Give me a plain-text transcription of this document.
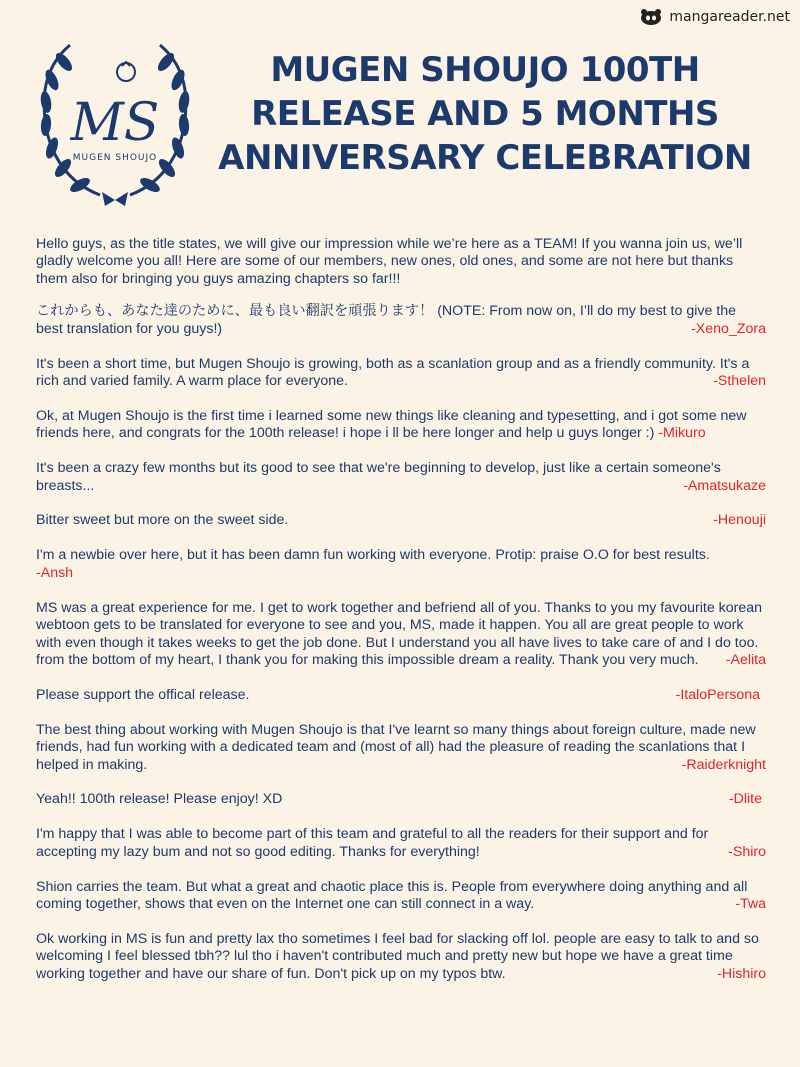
mangareader.net
MS
MUGEN SHOUJO
MUGEN SHOUJO 100TH
RELEASE AND 5 MONTHS
ANNIVERSARY CELEBRATION

Hello guys, as the title states, we will give our impression while we’re here as a TEAM! If you wanna join us, we’ll gladly welcome you all! Here are some of our members, new ones, old ones, and some are not here but thanks them also for bringing you guys amazing chapters so far!!!

これからも、あなた達のために、最も良い翻訳を頑張ります！ (NOTE: From now on, I’ll do my best to give the best translation for you guys!)	-Xeno_Zora

It's been a short time, but Mugen Shoujo is growing, both as a scanlation group and as a friendly community. It's a rich and varied family. A warm place for everyone.	-Sthelen

Ok, at Mugen Shoujo is the first time i learned some new things like cleaning and typesetting, and i got some new friends here, and congrats for the 100th release! i hope i ll be here longer and help u guys longer :) -Mikuro

It's been a crazy few months but its good to see that we're beginning to develop, just like a certain someone's breasts...	-Amatsukaze

Bitter sweet but more on the sweet side.	-Henouji

I'm a newbie over here, but it has been damn fun working with everyone. Protip: praise O.O for best results.
-Ansh

MS was a great experience for me. I get to work together and befriend all of you. Thanks to you my favourite korean webtoon gets to be translated for everyone to see and you, MS, made it happen. You all are great people to work with even though it takes weeks to get the job done. But I understand you all have lives to take care of and I do too. from the bottom of my heart, I thank you for making this impossible dream a reality. Thank you very much. -Aelita

Please support the offical release.	-ItaloPersona

The best thing about working with Mugen Shoujo is that I've learnt so many things about foreign culture, made new friends, had fun working with a dedicated team and (most of all) had the pleasure of reading the scanlations that I helped in making.	-Raiderknight

Yeah!! 100th release! Please enjoy! XD	-Dlite

I'm happy that I was able to become part of this team and grateful to all the readers for their support and for accepting my lazy bum and not so good editing. Thanks for everything!	-Shiro

Shion carries the team. But what a great and chaotic place this is. People from everywhere doing anything and all coming together, shows that even on the Internet one can still connect in a way.	-Twa

Ok working in MS is fun and pretty lax tho sometimes I feel bad for slacking off lol. people are easy to talk to and so welcoming I feel blessed tbh?? lul tho i haven't contributed much and pretty new but hope we have a great time working together and have our share of fun. Don't pick up on my typos btw.	-Hishiro
